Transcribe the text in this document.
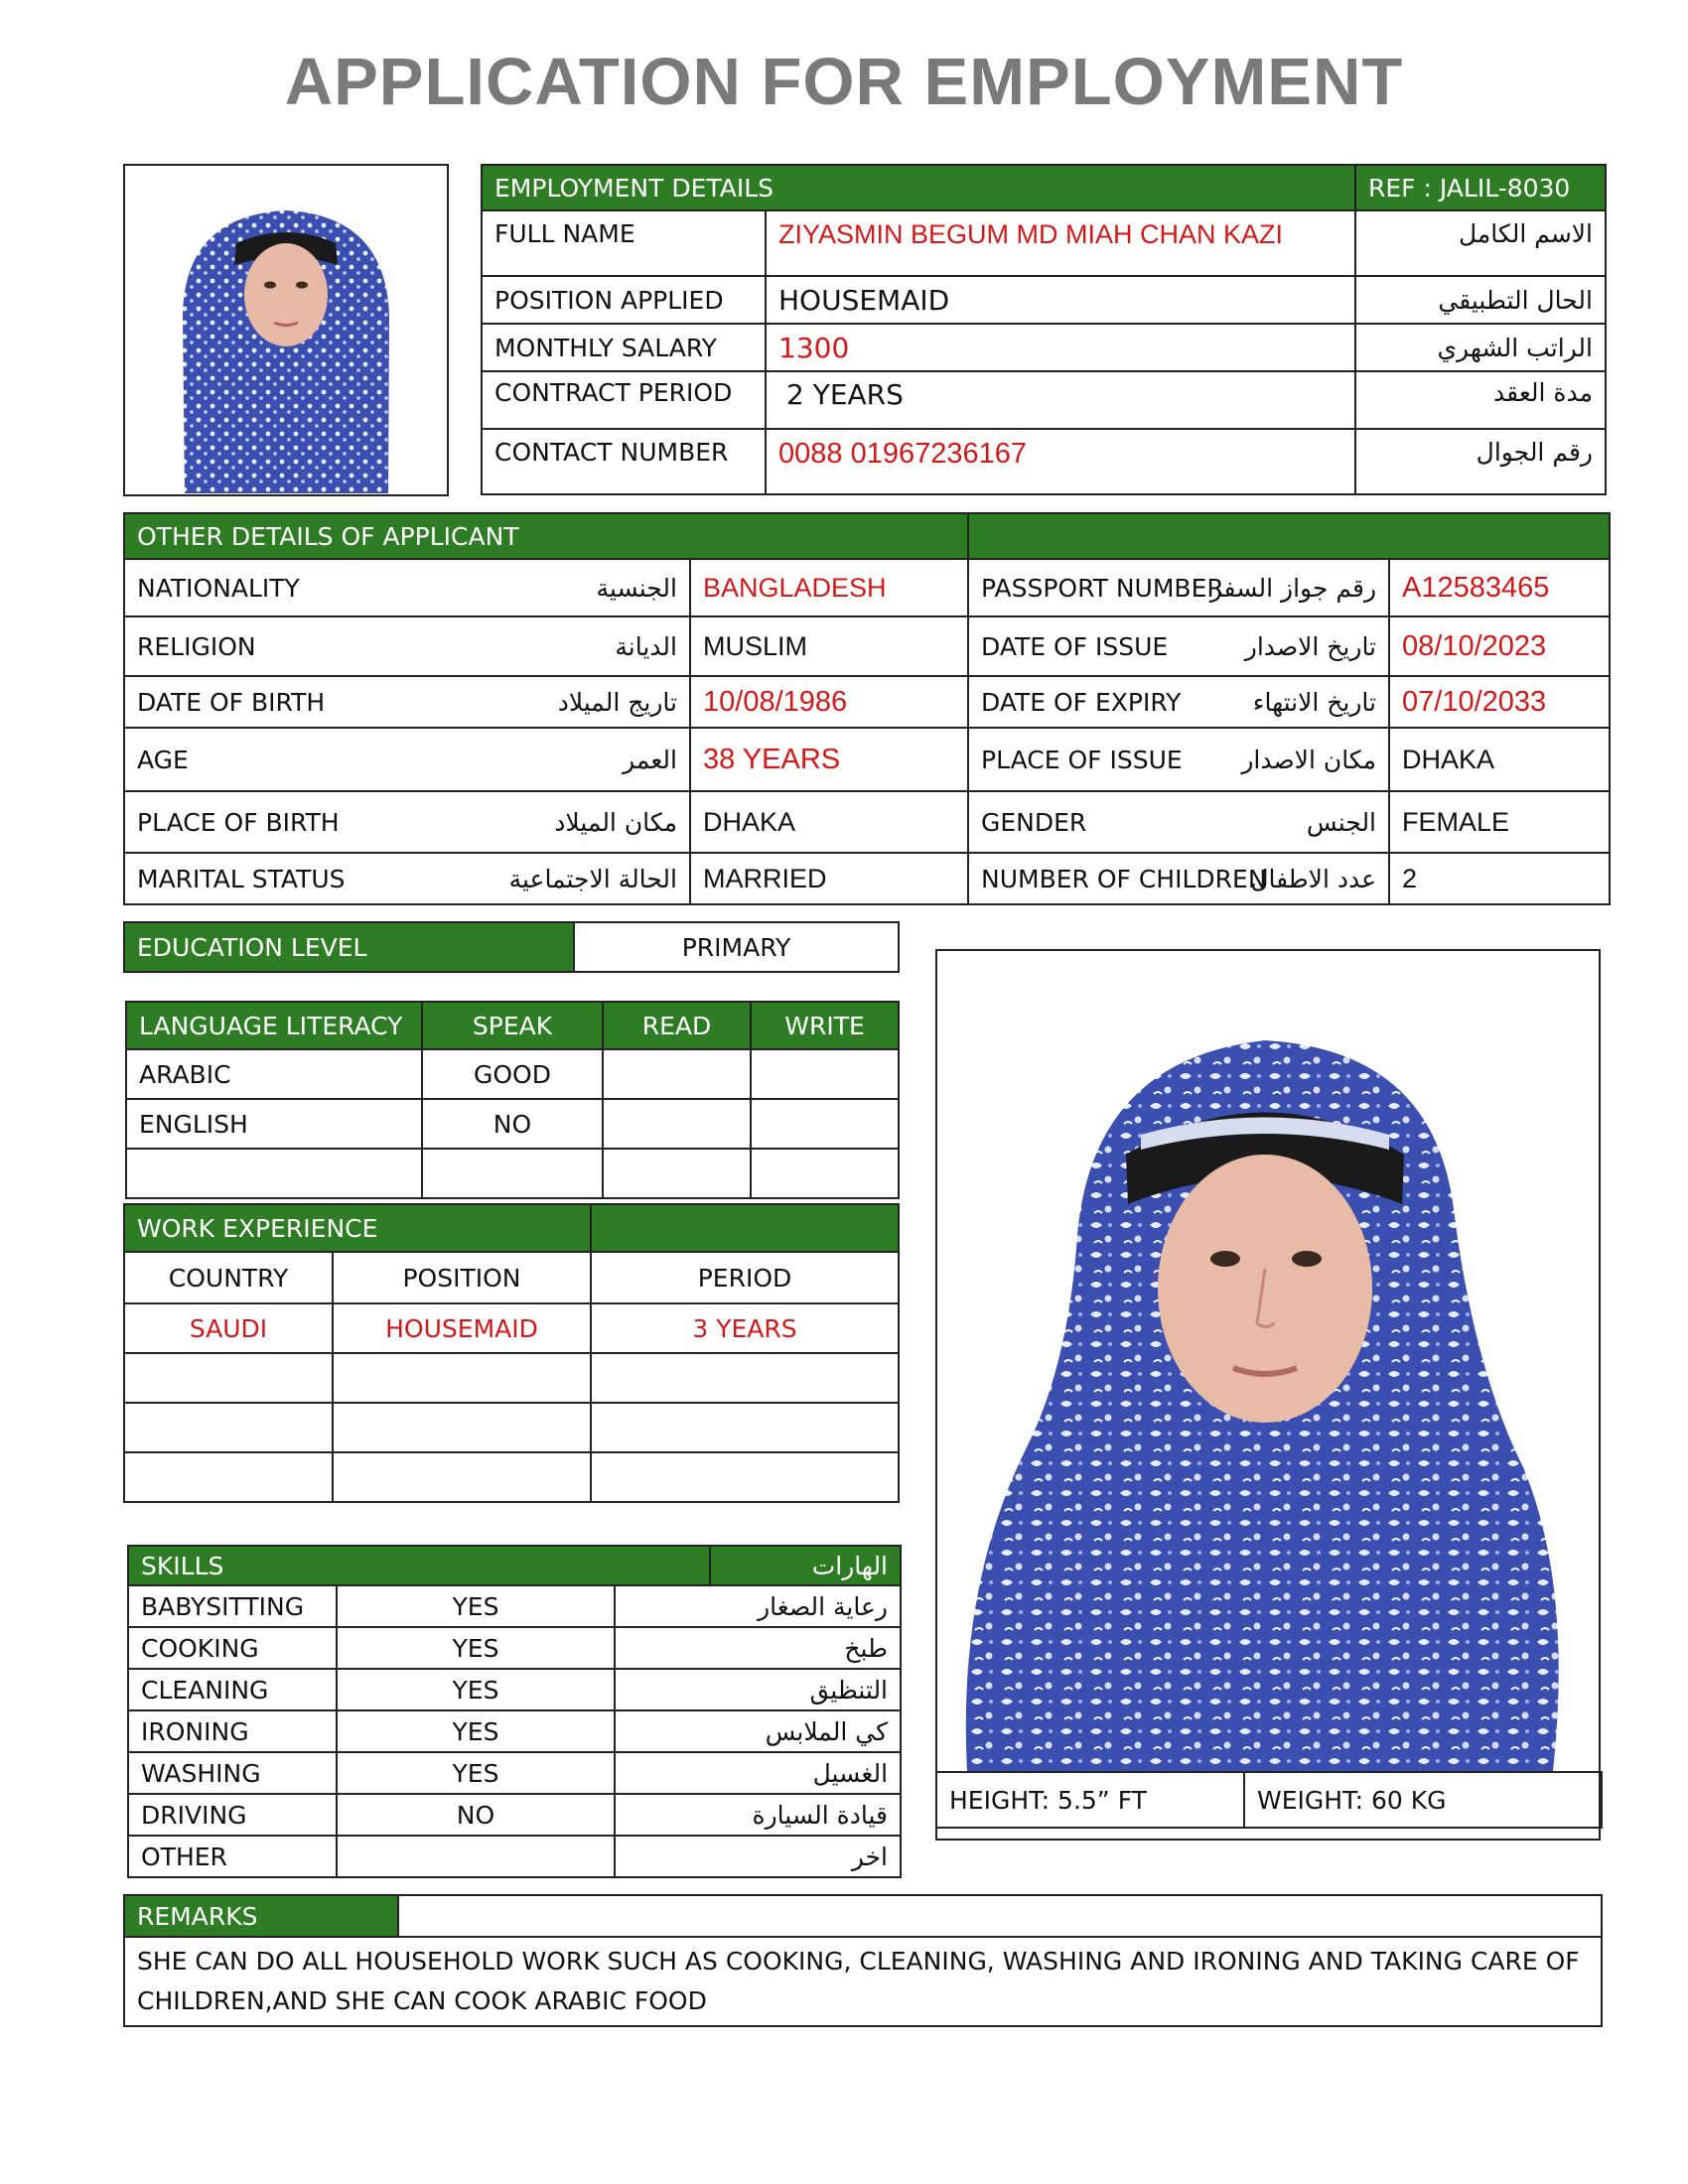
APPLICATION FOR EMPLOYMENT
EMPLOYMENT DETAILS		REF : JALIL-8030
FULL NAME	ZIYASMIN BEGUM MD MIAH CHAN KAZI	الاسم الكامل
POSITION APPLIED	HOUSEMAID	الحال التطبيقي
MONTHLY SALARY	1300	الراتب الشهري
CONTRACT PERIOD	2 YEARS	مدة العقد
CONTACT NUMBER	0088 01967236167	رقم الجوال
OTHER DETAILS OF APPLICANT					
NATIONALITY	الجنسية	BANGLADESH	PASSPORT NUMBER	رقم جواز السفر	A12583465
RELIGION	الديانة	MUSLIM	DATE OF ISSUE	تاريخ الاصدار	08/10/2023
DATE OF BIRTH	تاريج الميلاد	10/08/1986	DATE OF EXPIRY	تاريخ الانتهاء	07/10/2033
AGE	العمر	38 YEARS	PLACE OF ISSUE	مكان الاصدار	DHAKA
PLACE OF BIRTH	مكان الميلاد	DHAKA	GENDER	الجنس	FEMALE
MARITAL STATUS	الحالة الاجتماعية	MARRIED	NUMBER OF CHILDREN	عدد الاطفال	2
EDUCATION LEVEL	PRIMARY
LANGUAGE LITERACY	SPEAK	READ	WRITE
ARABIC	GOOD		
ENGLISH	NO		

WORK EXPERIENCE		
COUNTRY	POSITION	PERIOD
SAUDI	HOUSEMAID	3 YEARS

SKILLS			الهارات
BABYSITTING	YES	رعاية الصغار	
COOKING	YES	طبخ	
CLEANING	YES	التنظيق	
IRONING	YES	كي الملابس	
WASHING	YES	الغسيل	
DRIVING	NO	قيادة السيارة	
OTHER		اخر	
HEIGHT: 5.5” FT	WEIGHT: 60 KG
REMARKS	
SHE CAN DO ALL HOUSEHOLD WORK SUCH AS COOKING, CLEANING, WASHING AND IRONING AND TAKING CARE OF CHILDREN,AND SHE CAN COOK ARABIC FOOD
